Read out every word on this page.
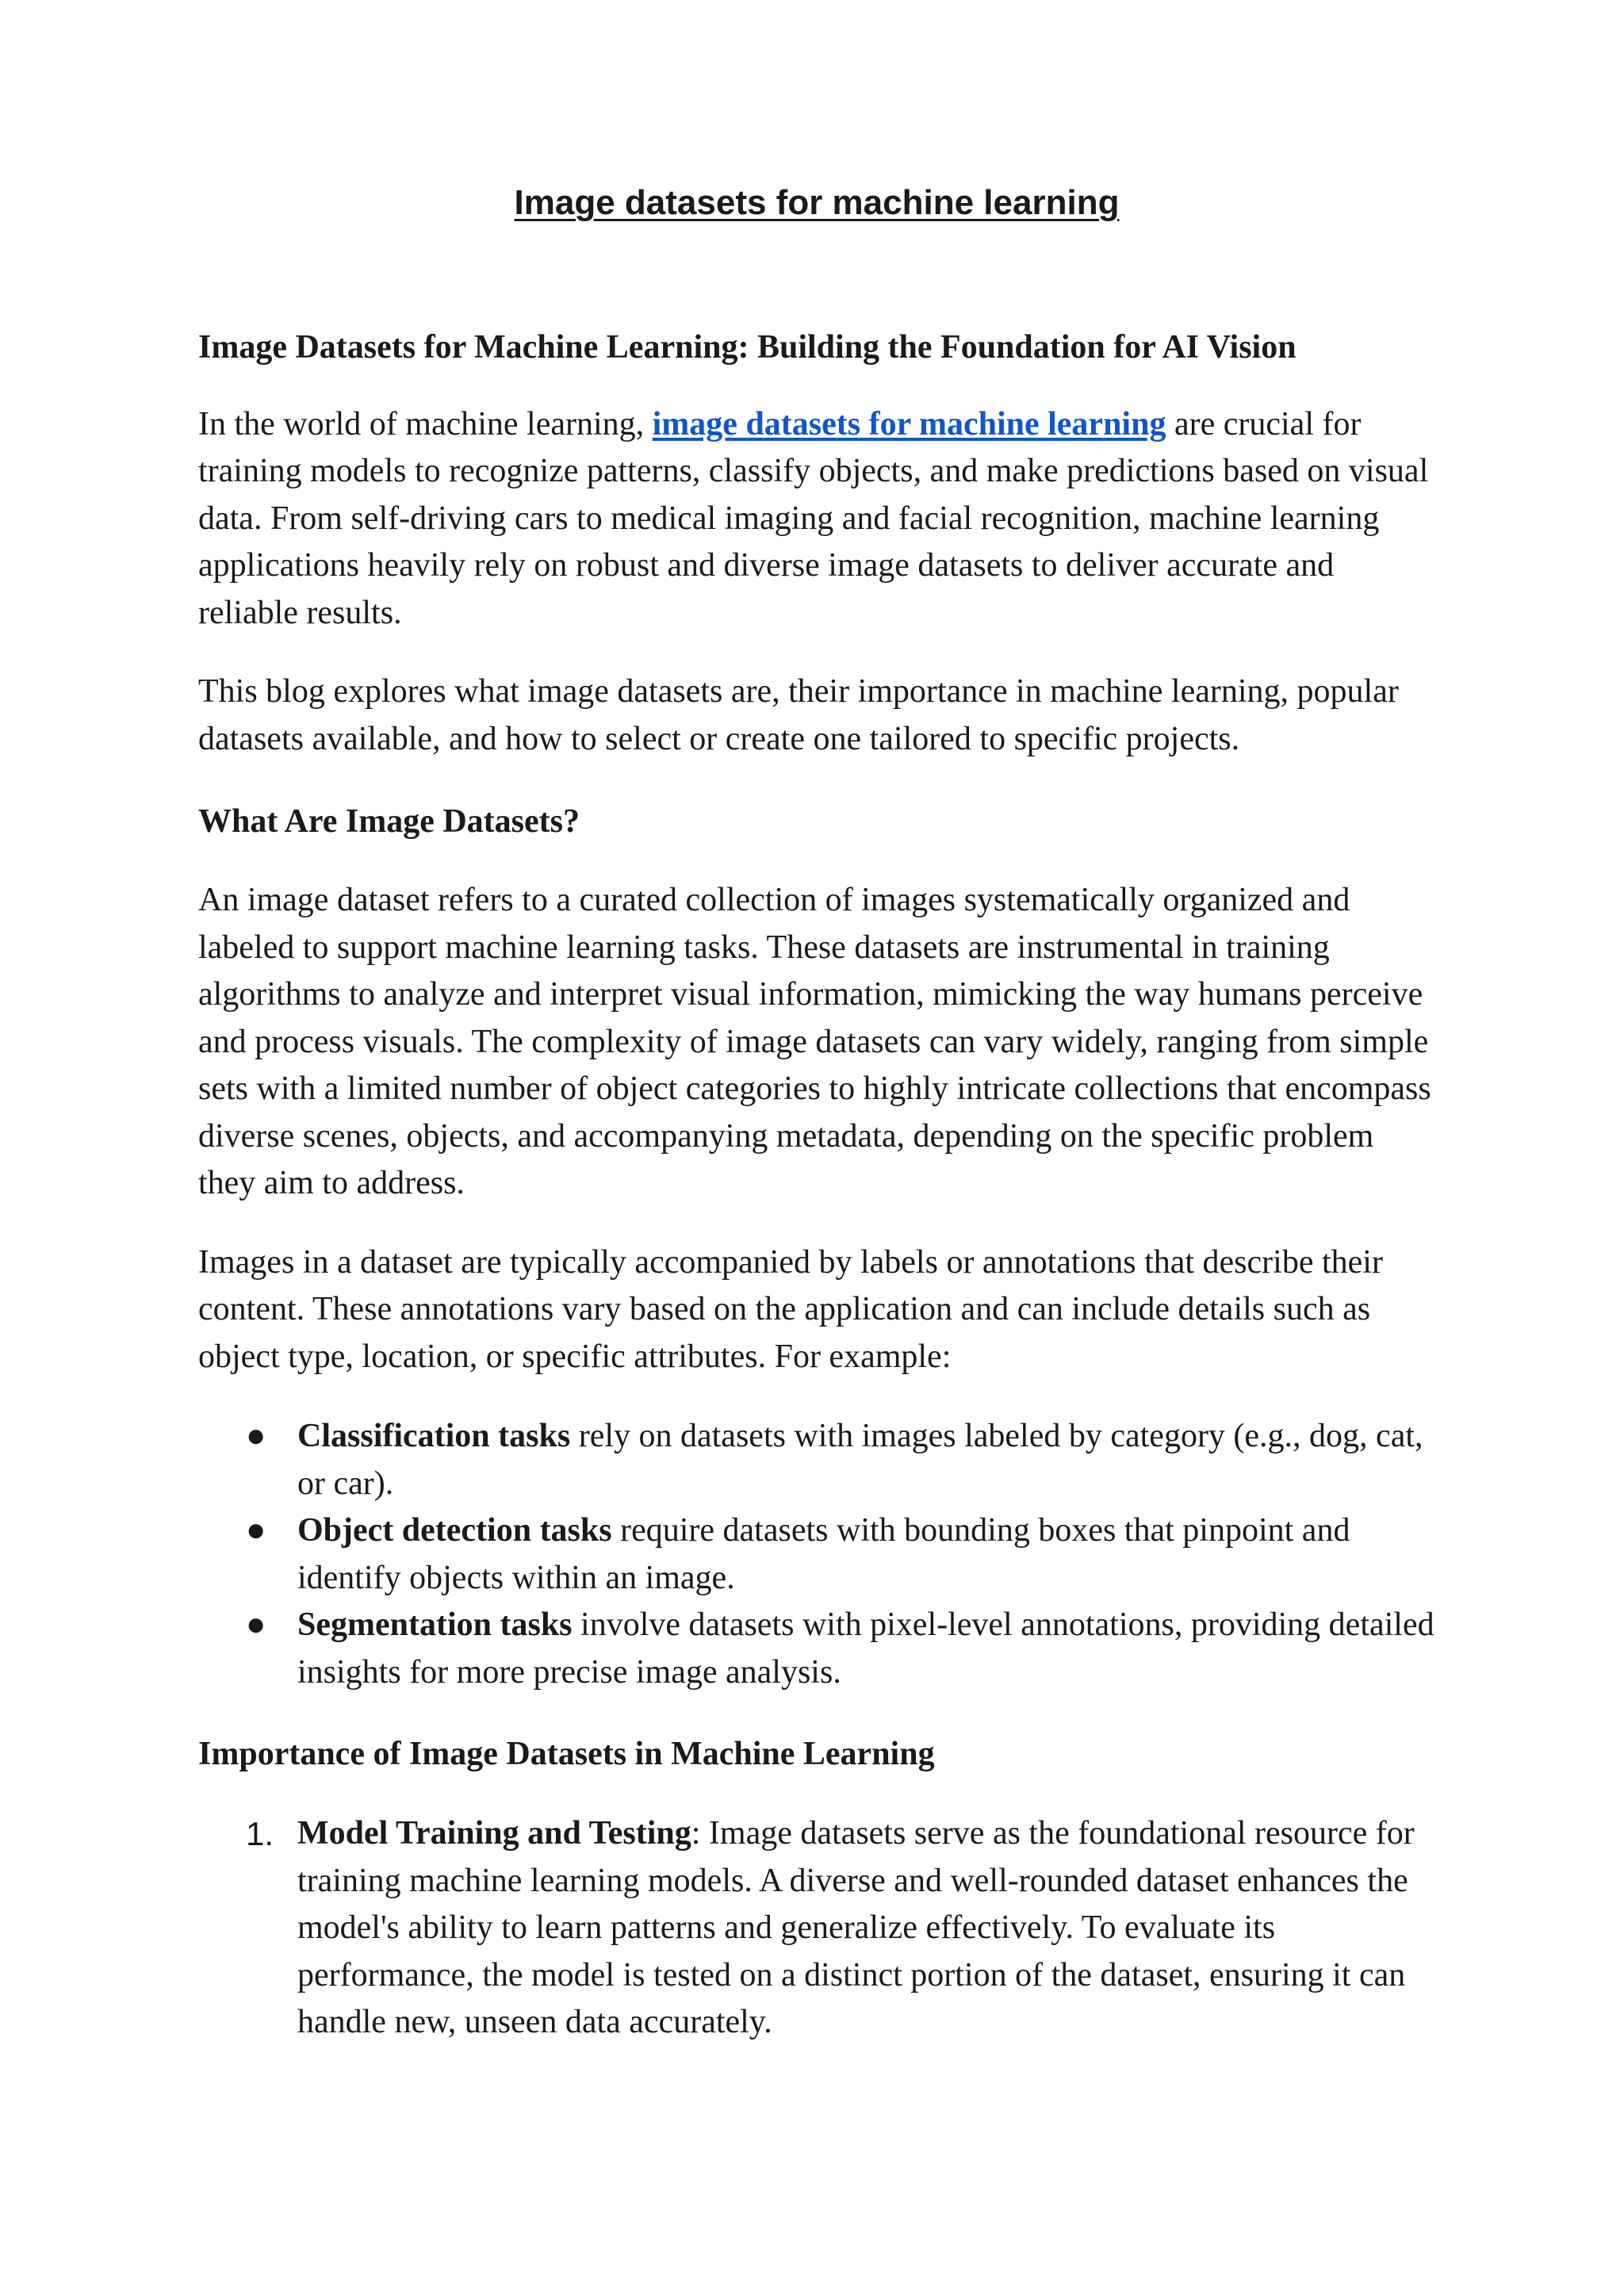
Image datasets for machine learning
Image Datasets for Machine Learning: Building the Foundation for AI Vision

In the world of machine learning, image datasets for machine learning are crucial for training models to recognize patterns, classify objects, and make predictions based on visual data. From self-driving cars to medical imaging and facial recognition, machine learning applications heavily rely on robust and diverse image datasets to deliver accurate and reliable results.

This blog explores what image datasets are, their importance in machine learning, popular datasets available, and how to select or create one tailored to specific projects.

What Are Image Datasets?

An image dataset refers to a curated collection of images systematically organized and labeled to support machine learning tasks. These datasets are instrumental in training algorithms to analyze and interpret visual information, mimicking the way humans perceive and process visuals. The complexity of image datasets can vary widely, ranging from simple sets with a limited number of object categories to highly intricate collections that encompass diverse scenes, objects, and accompanying metadata, depending on the specific problem they aim to address.

Images in a dataset are typically accompanied by labels or annotations that describe their content. These annotations vary based on the application and can include details such as object type, location, or specific attributes. For example:

● Classification tasks rely on datasets with images labeled by category (e.g., dog, cat, or car).
● Object detection tasks require datasets with bounding boxes that pinpoint and identify objects within an image.
● Segmentation tasks involve datasets with pixel-level annotations, providing detailed insights for more precise image analysis.
Importance of Image Datasets in Machine Learning
1. Model Training and Testing: Image datasets serve as the foundational resource for training machine learning models. A diverse and well-rounded dataset enhances the model's ability to learn patterns and generalize effectively. To evaluate its performance, the model is tested on a distinct portion of the dataset, ensuring it can handle new, unseen data accurately.
